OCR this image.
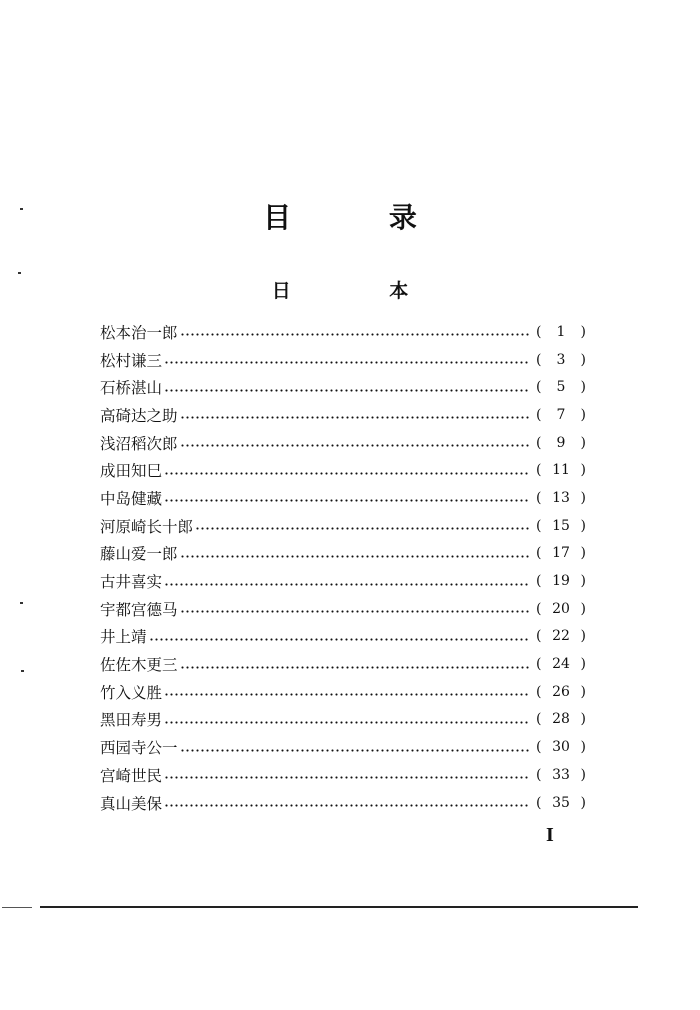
目 录
日 本
松本治一郎	(	1	)
松村谦三	(	3	)
石桥湛山	(	5	)
高碕达之助	(	7	)
浅沼稻次郎	(	9	)
成田知巳	( 11 )
中岛健藏	( 13 )
河原崎长十郎	( 15 )
藤山爱一郎	( 17 )
古井喜实	( 19 )
宇都宫德马	( 20 )
井上靖	( 22 )
佐佐木更三	( 24 )
竹入义胜	( 26 )
黑田寿男	( 28 )
西园寺公一	( 30 )
宫崎世民	( 33 )
真山美保	( 35 )
I
